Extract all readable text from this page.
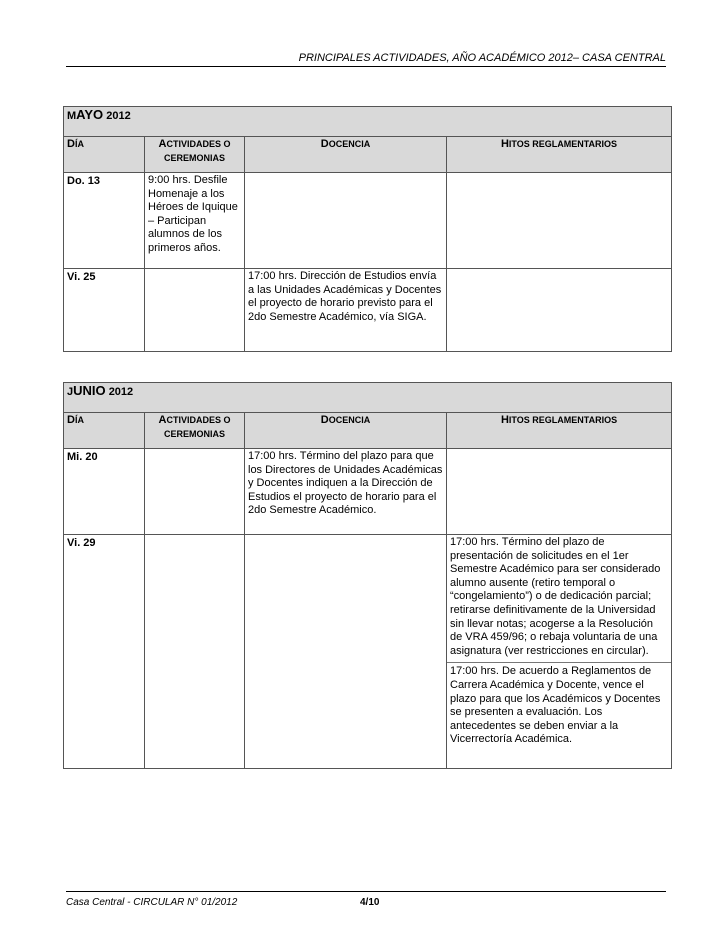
PRINCIPALES ACTIVIDADES, AÑO ACADÉMICO 2012– CASA CENTRAL
MAYO 2012			
DÍA	ACTIVIDADES O
CEREMONIAS	DOCENCIA	HITOS REGLAMENTARIOS
Do. 13	9:00 hrs. Desfile Homenaje a los Héroes de Iquique – Participan alumnos de los primeros años.		
Vi. 25		17:00 hrs. Dirección de Estudios envía a las Unidades Académicas y Docentes el proyecto de horario previsto para el 2do Semestre Académico, vía SIGA.	
JUNIO 2012			
DÍA	ACTIVIDADES O
CEREMONIAS	DOCENCIA	HITOS REGLAMENTARIOS
Mi. 20		17:00 hrs. Término del plazo para que los Directores de Unidades Académicas y Docentes indiquen a la Dirección de Estudios el proyecto de horario para el 2do Semestre Académico.	
Vi. 29			17:00 hrs. Término del plazo de presentación de solicitudes en el 1er Semestre Académico para ser considerado alumno ausente (retiro temporal o “congelamiento”) o de dedicación parcial; retirarse definitivamente de la Universidad sin llevar notas; acogerse a la Resolución de VRA 459/96; o rebaja voluntaria de una asignatura (ver restricciones en circular).
17:00 hrs. De acuerdo a Reglamentos de Carrera Académica y Docente, vence el plazo para que los Académicos y Docentes se presenten a evaluación. Los antecedentes se deben enviar a la Vicerrectoría Académica.
Casa Central - CIRCULAR N° 01/2012	4/10
